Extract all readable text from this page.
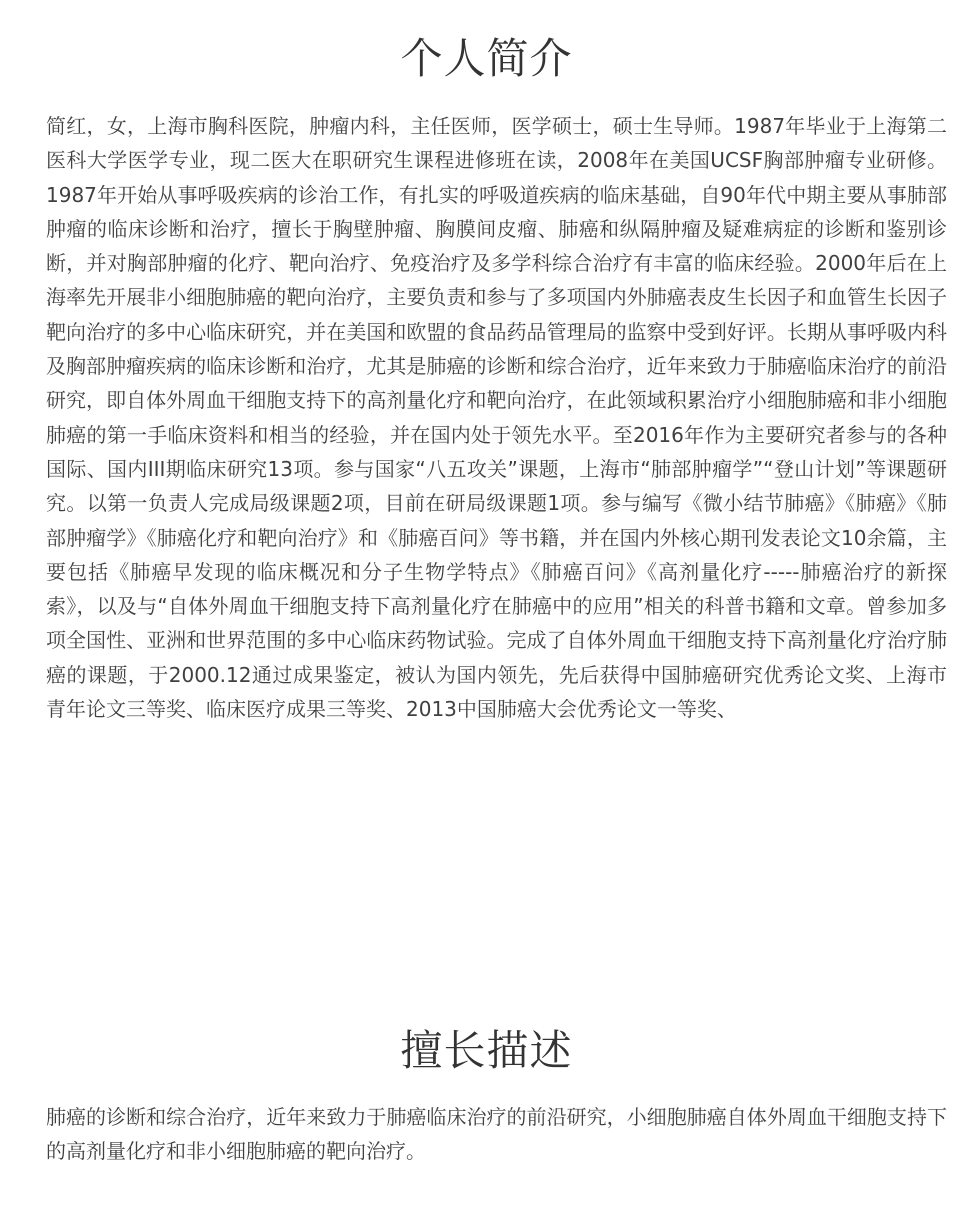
个人简介

简红，女，上海市胸科医院，肿瘤内科，主任医师，医学硕士，硕士生导师。1987年毕业于上海第二医科大学医学专业，现二医大在职研究生课程进修班在读，2008年在美国UCSF胸部肿瘤专业研修。1987年开始从事呼吸疾病的诊治工作，有扎实的呼吸道疾病的临床基础，自90年代中期主要从事肺部肿瘤的临床诊断和治疗，擅长于胸壁肿瘤、胸膜间皮瘤、肺癌和纵隔肿瘤及疑难病症的诊断和鉴别诊断，并对胸部肿瘤的化疗、靶向治疗、免疫治疗及多学科综合治疗有丰富的临床经验。2000年后在上海率先开展非小细胞肺癌的靶向治疗，主要负责和参与了多项国内外肺癌表皮生长因子和血管生长因子靶向治疗的多中心临床研究，并在美国和欧盟的食品药品管理局的监察中受到好评。长期从事呼吸内科及胸部肿瘤疾病的临床诊断和治疗，尤其是肺癌的诊断和综合治疗，近年来致力于肺癌临床治疗的前沿研究，即自体外周血干细胞支持下的高剂量化疗和靶向治疗，在此领域积累治疗小细胞肺癌和非小细胞肺癌的第一手临床资料和相当的经验，并在国内处于领先水平。至2016年作为主要研究者参与的各种国际、国内III期临床研究13项。参与国家“八五攻关”课题，上海市“肺部肿瘤学”“登山计划”等课题研究。以第一负责人完成局级课题2项，目前在研局级课题1项。参与编写《微小结节肺癌》《肺癌》《肺部肿瘤学》《肺癌化疗和靶向治疗》和《肺癌百问》等书籍，并在国内外核心期刊发表论文10余篇，主要包括《肺癌早发现的临床概况和分子生物学特点》《肺癌百问》《高剂量化疗-----肺癌治疗的新探索》，以及与“自体外周血干细胞支持下高剂量化疗在肺癌中的应用”相关的科普书籍和文章。曾参加多项全国性、亚洲和世界范围的多中心临床药物试验。完成了自体外周血干细胞支持下高剂量化疗治疗肺癌的课题，于2000.12通过成果鉴定，被认为国内领先，先后获得中国肺癌研究优秀论文奖、上海市青年论文三等奖、临床医疗成果三等奖、2013中国肺癌大会优秀论文一等奖、

擅长描述

肺癌的诊断和综合治疗，近年来致力于肺癌临床治疗的前沿研究，小细胞肺癌自体外周血干细胞支持下的高剂量化疗和非小细胞肺癌的靶向治疗。
